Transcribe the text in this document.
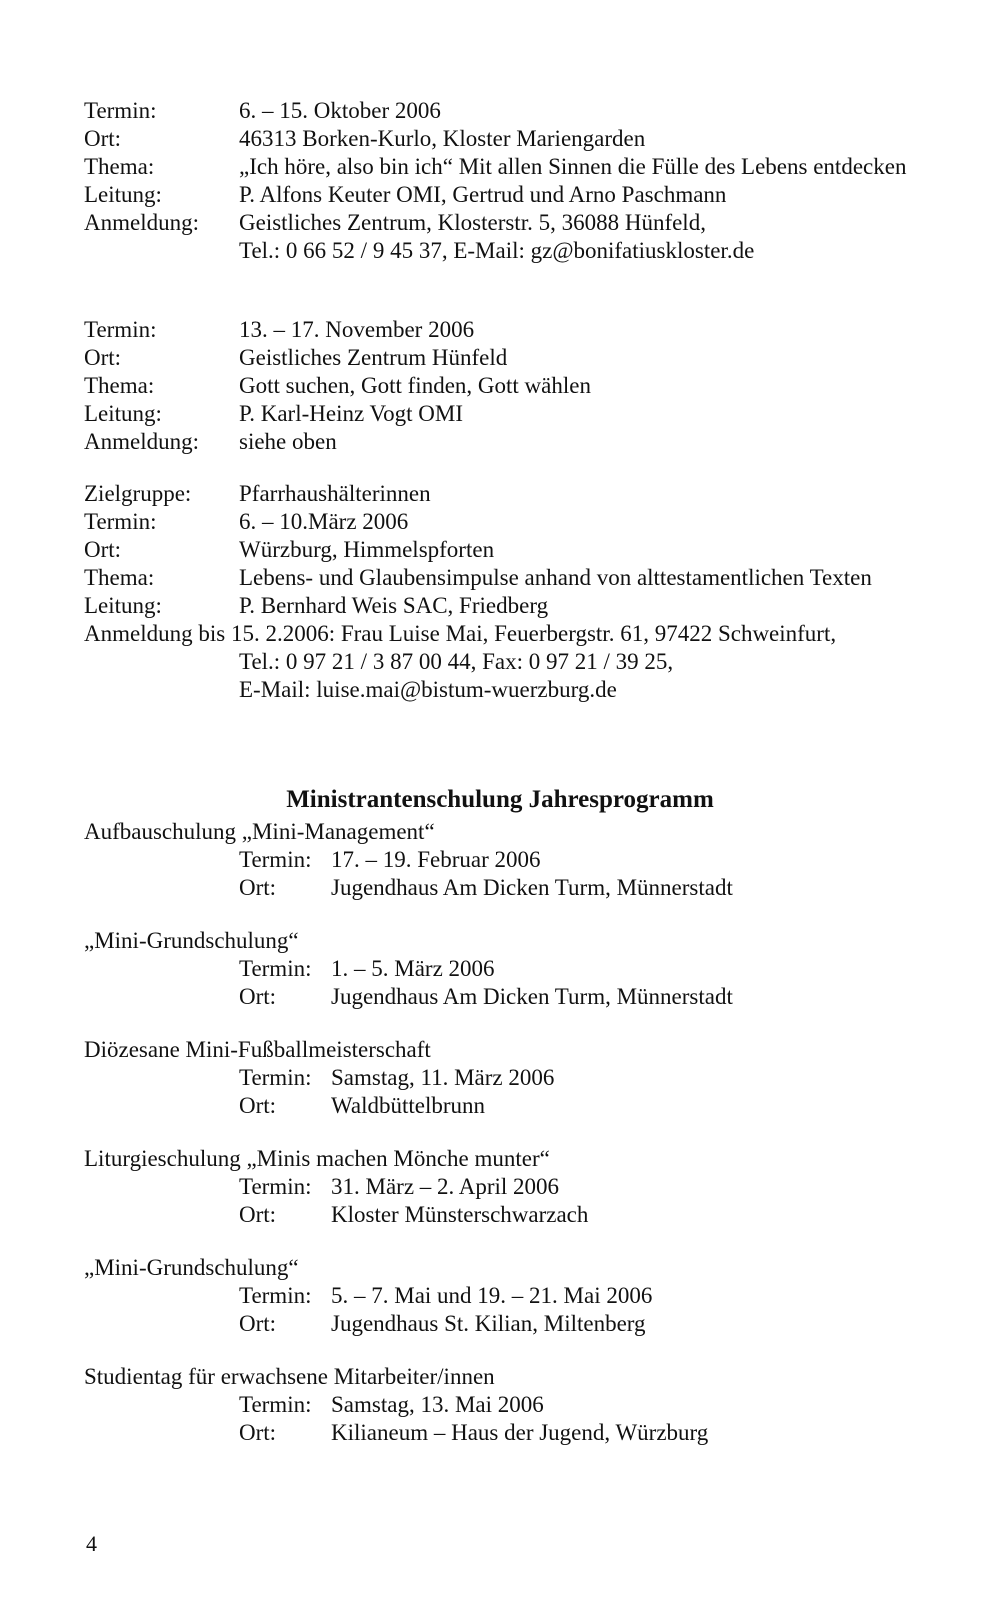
Termin:	6. – 15. Oktober 2006
Ort:	46313 Borken-Kurlo, Kloster Mariengarden
Thema:	„Ich höre, also bin ich“ Mit allen Sinnen die Fülle des Lebens entdecken
Leitung:	P. Alfons Keuter OMI, Gertrud und Arno Paschmann
Anmeldung:	Geistliches Zentrum, Klosterstr. 5, 36088 Hünfeld,
Tel.: 0 66 52 / 9 45 37, E-Mail: gz@bonifatiuskloster.de
Termin:	13. – 17. November 2006
Ort:	Geistliches Zentrum Hünfeld
Thema:	Gott suchen, Gott finden, Gott wählen
Leitung:	P. Karl-Heinz Vogt OMI
Anmeldung:	siehe oben
Zielgruppe:	Pfarrhaushälterinnen
Termin:	6. – 10.März 2006
Ort:	Würzburg, Himmelspforten
Thema:	Lebens- und Glaubensimpulse anhand von alttestamentlichen Texten
Leitung:	P. Bernhard Weis SAC, Friedberg
Anmeldung bis 15. 2.2006: Frau Luise Mai, Feuerbergstr. 61, 97422 Schweinfurt,
Tel.: 0 97 21 / 3 87 00 44, Fax: 0 97 21 / 39 25,
E-Mail: luise.mai@bistum-wuerzburg.de
Ministrantenschulung Jahresprogramm
Aufbauschulung „Mini-Management“
Termin: 17. – 19. Februar 2006
Ort:	Jugendhaus Am Dicken Turm, Münnerstadt
„Mini-Grundschulung“
Termin: 1. – 5. März 2006
Ort:	Jugendhaus Am Dicken Turm, Münnerstadt
Diözesane Mini-Fußballmeisterschaft
Termin: Samstag, 11. März 2006
Ort:	Waldbüttelbrunn
Liturgieschulung „Minis machen Mönche munter“
Termin: 31. März – 2. April 2006
Ort:	Kloster Münsterschwarzach
„Mini-Grundschulung“
Termin: 5. – 7. Mai und 19. – 21. Mai 2006
Ort:	Jugendhaus St. Kilian, Miltenberg
Studientag für erwachsene Mitarbeiter/innen
Termin: Samstag, 13. Mai 2006
Ort:	Kilianeum – Haus der Jugend, Würzburg
4
